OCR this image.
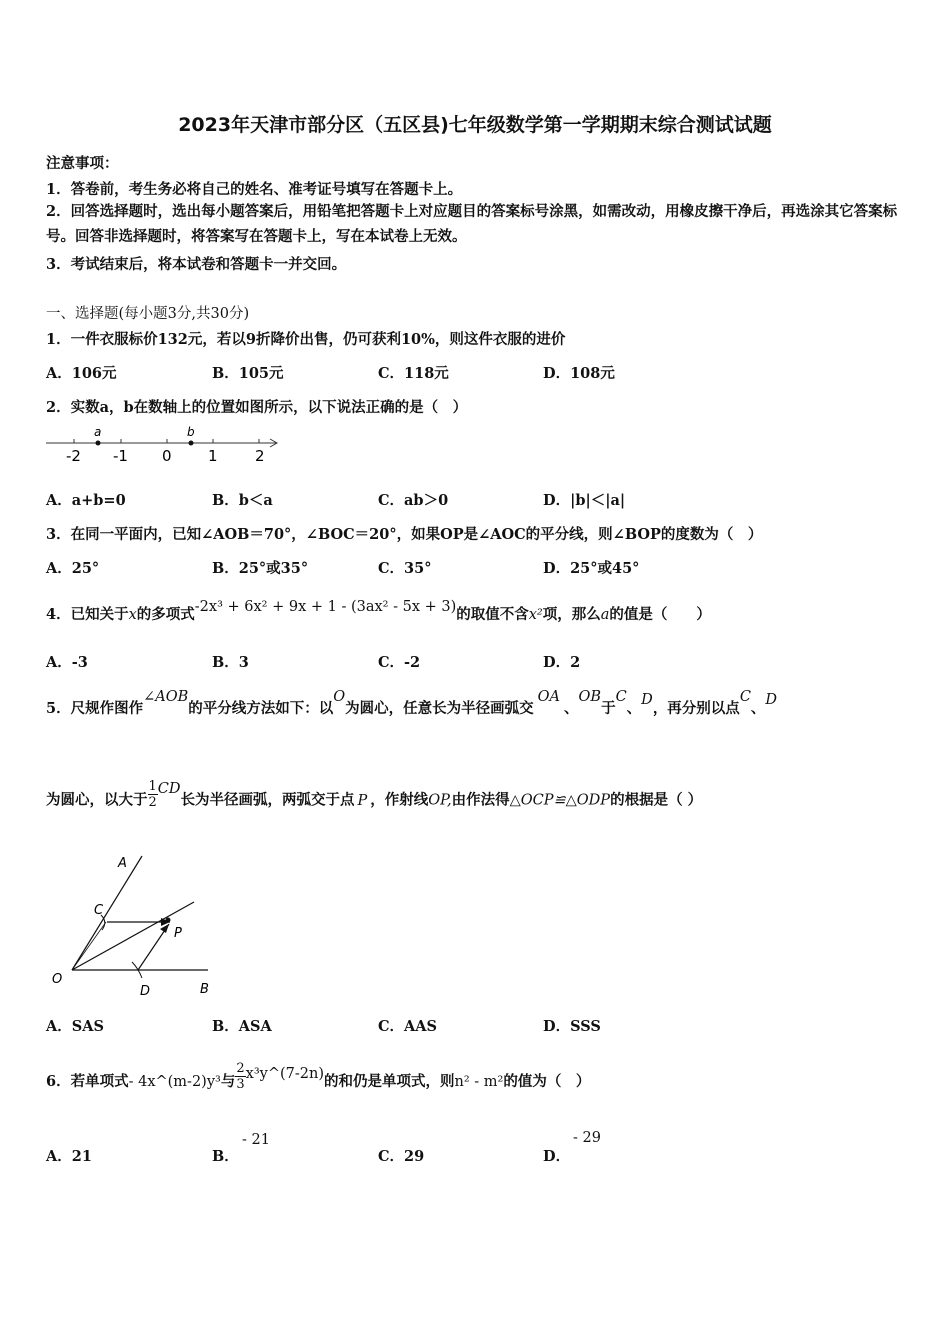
2023年天津市部分区（五区县)七年级数学第一学期期末综合测试试题
注意事项：
1．答卷前，考生务必将自己的姓名、准考证号填写在答题卡上。
2．回答选择题时，选出每小题答案后，用铅笔把答题卡上对应题目的答案标号涂黑，如需改动，用橡皮擦干净后，再选涂其它答案标号。回答非选择题时，将答案写在答题卡上，写在本试卷上无效。
3．考试结束后，将本试卷和答题卡一并交回。
一、选择题(每小题3分,共30分)
1．一件衣服标价132元，若以9折降价出售，仍可获利10%，则这件衣服的进价
A．106元	B．105元	C．118元	D．108元
2．实数a，b在数轴上的位置如图所示，以下说法正确的是（　）
a	b
-2 -1 0 1 2
A．a+b=0	B．b＜a	C．ab＞0	D．|b|＜|a|
3．在同一平面内，已知∠AOB＝70°，∠BOC＝20°，如果OP是∠AOC的平分线，则∠BOP的度数为（　）
A．25°	B．25°或35°	C．35°	D．25°或45°
4．已知关于x的多项式-2x³ + 6x² + 9x + 1 - (3ax² - 5x + 3)的取值不含x²项，那么a的值是（　　）
A．-3	B．3	C．-2	D．2
5．尺规作图作∠AOB的平分线方法如下：以O为圆心，任意长为半径画弧交OA、OB于C、D，再分别以点C、D
为圆心，以大于 $\frac{1}{2}$ CD长为半径画弧，两弧交于点 P ，作射线OP,由作法得△OCP≌△ODP的根据是（ ）
A
C
P
O
D	B
A．SAS	B．ASA	C．AAS	D．SSS
6．若单项式- 4x^(m-2)y³与 $\frac{2}{3}$ x³y^(7-2n)的和仍是单项式，则n² - m²的值为（　）
A．21	B．
- 21
C．29	D．
- 29
